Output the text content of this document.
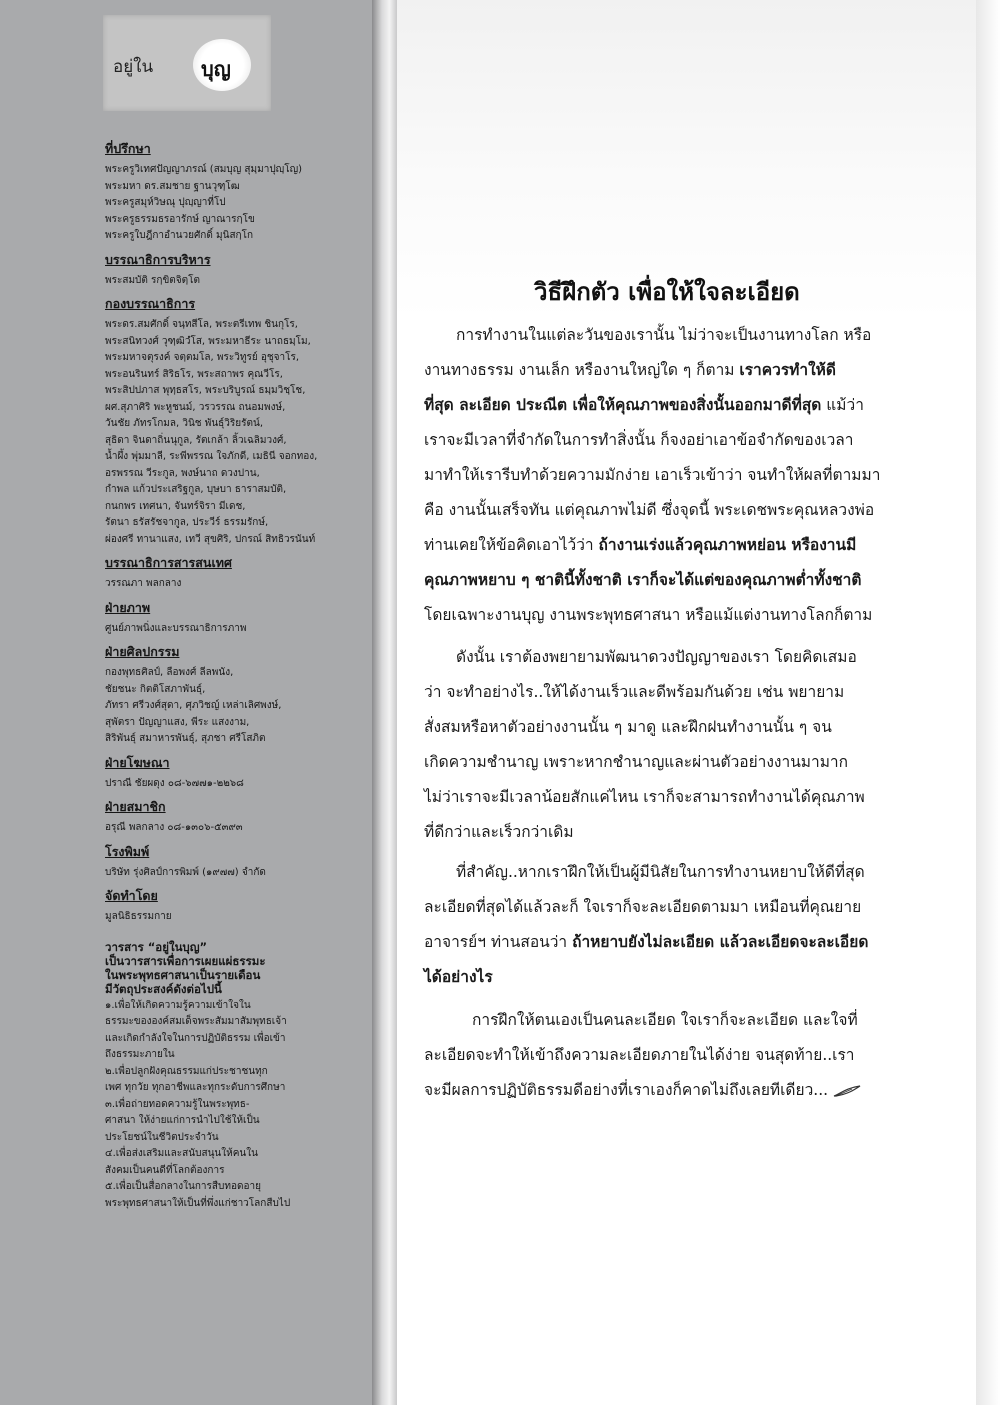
อยู่ใน บุญ
ที่ปรึกษา
พระครูวิเทศปัญญาภรณ์ (สมบุญ สุมฺมาปุญฺโญ)
พระมหา ดร.สมชาย ฐานวุฑฺโฒ
พระครูสมุห์วิษณุ ปุญฺญาที่โป
พระครูธรรมธรอารักษ์ ญาณารกฺโข
พระครูใบฎีกาอำนวยศักดิ์ มุนิสกฺโก
บรรณาธิการบริหาร
พระสมบัติ รกฺขิตจิตฺโต
กองบรรณาธิการ
พระดร.สมศักดิ์ จนฺทสีโล, พระตรีเทพ ชินกุโร,
พระสนิทวงศ์ วุฑฺฒิวํโส, พระมหาธีระ นาถธมฺโม,
พระมหาจตุรงค์ จตฺตมโล, พระวิทูรย์ อุชุจาโร,
พระอนรินทร์ สิริธโร, พระสถาพร คุณวีโร,
พระสิปปภาส พุทฺธสโร, พระบริบูรณ์ ธมฺมวิชฺโช,
ผศ.สุภาศิริ พะหูชนม์, วรวรรณ ถนอมพงษ์,
วันชัย ภัทรโกมล, วินิช พันธุ์วิริยรัตน์,
สุธิดา จินดาถิ่นนุกูล, รัตเกล้า ลิ้วเฉลิมวงศ์,
น้ำผึ้ง พุ่มมาลี, ระพีพรรณ ใจภักดี, เมธินี จอกทอง,
อรพรรณ วีระกูล, พงษ์นาถ ดวงปาน,
กำพล แก้วประเสริฐกูล, บุษบา ธาราสมบัติ,
กนกพร เทศนา, จันทร์จิรา มีเดช,
รัตนา ธรัสรัชจากูล, ประวีร์ ธรรมรักษ์,
ผ่องศรี ทานาแสง, เทวี สุขศิริ, ปกรณ์ สิทธิวรนันท์
บรรณาธิการสารสนเทศ
วรรณภา พลกลาง
ฝ่ายภาพ
ศูนย์ภาพนิ่งและบรรณาธิการภาพ
ฝ่ายศิลปกรรม
กองพุทธศิลป์, ลือพงศ์ ลีลพนัง,
ชัยชนะ กิตติโสภาพันธุ์,
ภัทรา ศรีวงศ์สุดา, ศุภวิชญ์ เหล่าเลิศพงษ์,
สุพัตรา ปัญญาแสง, พีระ แสงงาม,
สิริพันธุ์ สมาหารพันธุ์, สุภชา ศรีโสภิต
ฝ่ายโฆษณา
ปราณี ชัยผดุง ๐๘-๖๗๗๑-๒๒๖๘
ฝ่ายสมาชิก
อรุณี พลกลาง ๐๘-๑๓๐๖-๕๓๙๓
โรงพิมพ์
บริษัท รุ่งศิลป์การพิมพ์ (๑๙๗๗) จำกัด
จัดทำโดย
มูลนิธิธรรมกาย
วารสาร “อยู่ในบุญ”
เป็นวารสารเพื่อการเผยแผ่ธรรมะ
ในพระพุทธศาสนาเป็นรายเดือน
มีวัตถุประสงค์ดังต่อไปนี้
๑.เพื่อให้เกิดความรู้ความเข้าใจใน
ธรรมะขององค์สมเด็จพระสัมมาสัมพุทธเจ้า
และเกิดกำลังใจในการปฏิบัติธรรม เพื่อเข้า
ถึงธรรมะภายใน
๒.เพื่อปลูกฝังคุณธรรมแก่ประชาชนทุก
เพศ ทุกวัย ทุกอาชีพและทุกระดับการศึกษา
๓.เพื่อถ่ายทอดความรู้ในพระพุทธ-
ศาสนา ให้ง่ายแก่การนำไปใช้ให้เป็น
ประโยชน์ในชีวิตประจำวัน
๔.เพื่อส่งเสริมและสนับสนุนให้คนใน
สังคมเป็นคนดีที่โลกต้องการ
๕.เพื่อเป็นสื่อกลางในการสืบทอดอายุ
พระพุทธศาสนาให้เป็นที่พึ่งแก่ชาวโลกสืบไป
วิธีฝึกตัว เพื่อให้ใจละเอียด
การทำงานในแต่ละวันของเรานั้น ไม่ว่าจะเป็นงานทางโลก หรือ
งานทางธรรม งานเล็ก หรืองานใหญ่ใด ๆ ก็ตาม เราควรทำให้ดี
ที่สุด ละเอียด ประณีต เพื่อให้คุณภาพของสิ่งนั้นออกมาดีที่สุด แม้ว่า
เราจะมีเวลาที่จำกัดในการทำสิ่งนั้น ก็จงอย่าเอาข้อจำกัดของเวลา
มาทำให้เรารีบทำด้วยความมักง่าย เอาเร็วเข้าว่า จนทำให้ผลที่ตามมา
คือ งานนั้นเสร็จทัน แต่คุณภาพไม่ดี ซึ่งจุดนี้ พระเดชพระคุณหลวงพ่อ
ท่านเคยให้ข้อคิดเอาไว้ว่า ถ้างานเร่งแล้วคุณภาพหย่อน หรืองานมี
คุณภาพหยาบ ๆ ชาตินี้ทั้งชาติ เราก็จะได้แต่ของคุณภาพต่ำทั้งชาติ
โดยเฉพาะงานบุญ งานพระพุทธศาสนา หรือแม้แต่งานทางโลกก็ตาม
ดังนั้น เราต้องพยายามพัฒนาดวงปัญญาของเรา โดยคิดเสมอ
ว่า จะทำอย่างไร..ให้ได้งานเร็วและดีพร้อมกันด้วย เช่น พยายาม
สั่งสมหรือหาตัวอย่างงานนั้น ๆ มาดู และฝึกฝนทำงานนั้น ๆ จน
เกิดความชำนาญ เพราะหากชำนาญและผ่านตัวอย่างงานมามาก
ไม่ว่าเราจะมีเวลาน้อยสักแค่ไหน เราก็จะสามารถทำงานได้คุณภาพ
ที่ดีกว่าและเร็วกว่าเดิม
ที่สำคัญ..หากเราฝึกให้เป็นผู้มีนิสัยในการทำงานหยาบให้ดีที่สุด
ละเอียดที่สุดได้แล้วละก็ ใจเราก็จะละเอียดตามมา เหมือนที่คุณยาย
อาจารย์ฯ ท่านสอนว่า ถ้าหยาบยังไม่ละเอียด แล้วละเอียดจะละเอียด
ได้อย่างไร
การฝึกให้ตนเองเป็นคนละเอียด ใจเราก็จะละเอียด และใจที่
ละเอียดจะทำให้เข้าถึงความละเอียดภายในได้ง่าย จนสุดท้าย..เรา
จะมีผลการปฏิบัติธรรมดีอย่างที่เราเองก็คาดไม่ถึงเลยทีเดียว...
